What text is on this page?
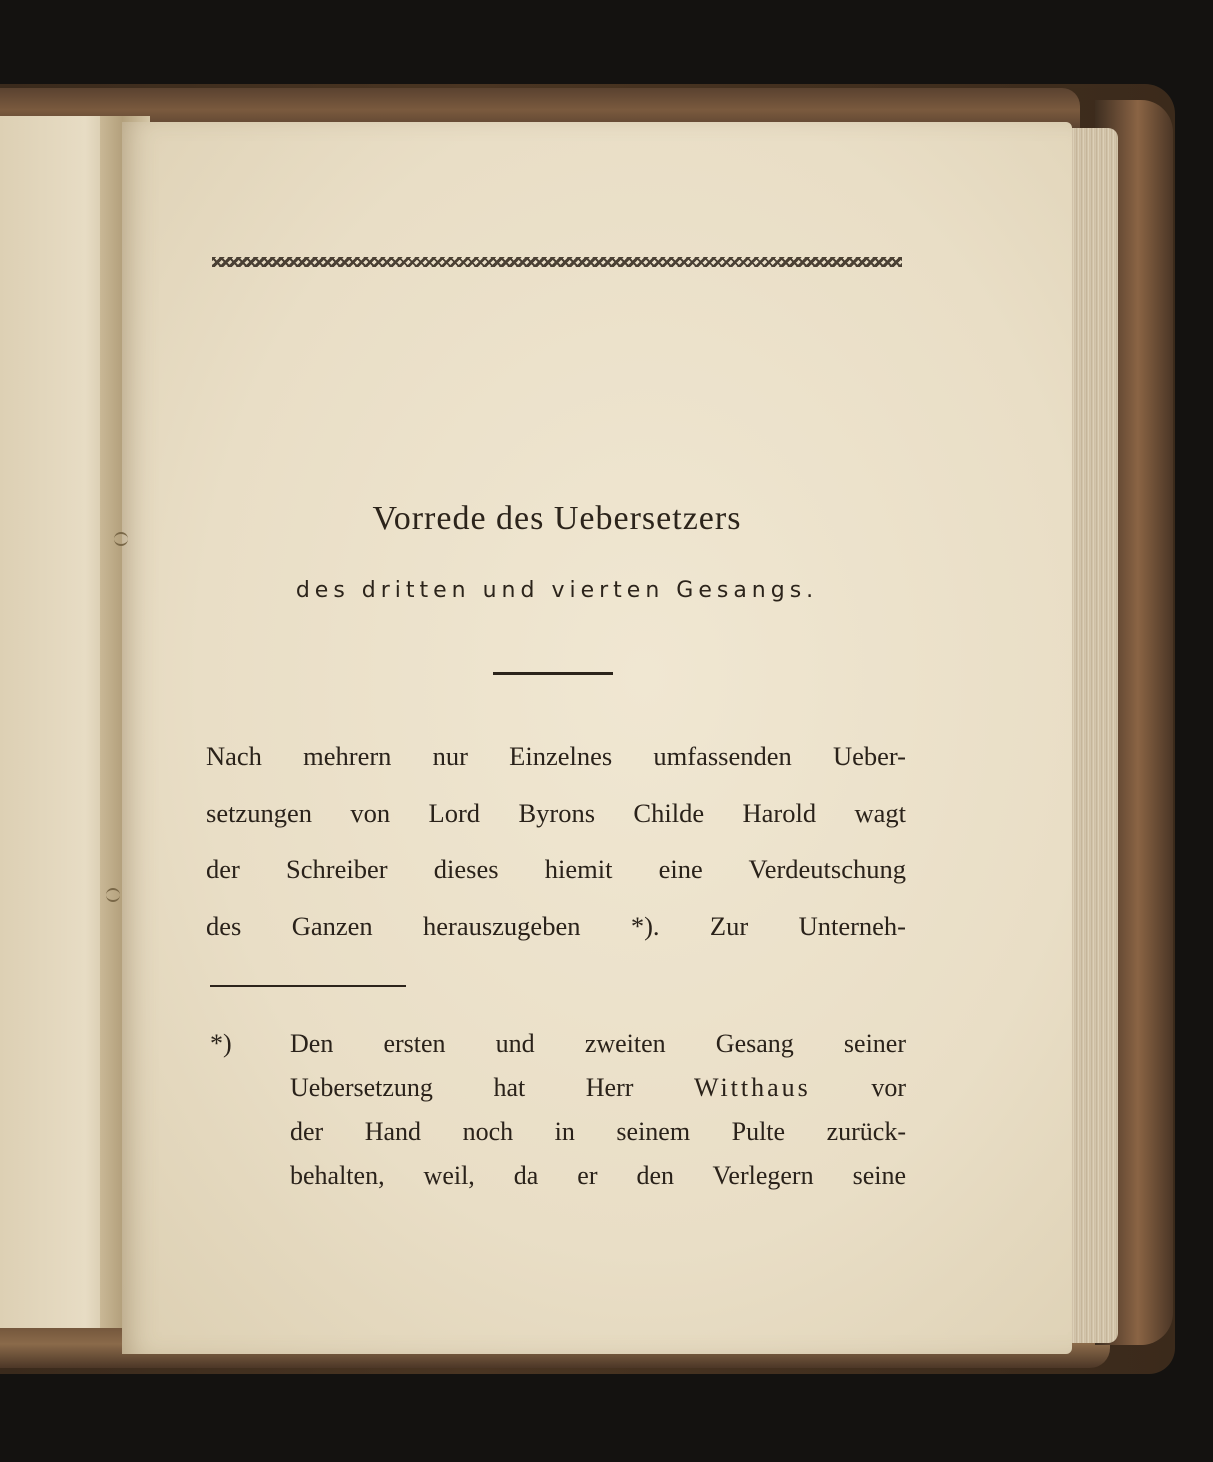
Vorrede des Uebersetzers
des dritten und vierten Gesangs.
Nach mehrern nur Einzelnes umfassenden Ueber-
setzungen von Lord Byrons Childe Harold wagt
der Schreiber dieses hiemit eine Verdeutschung
des Ganzen herauszugeben *). Zur Unterneh-
*) Den ersten und zweiten Gesang seiner
Uebersetzung hat Herr Witthaus vor
der Hand noch in seinem Pulte zurück-
behalten, weil, da er den Verlegern seine
